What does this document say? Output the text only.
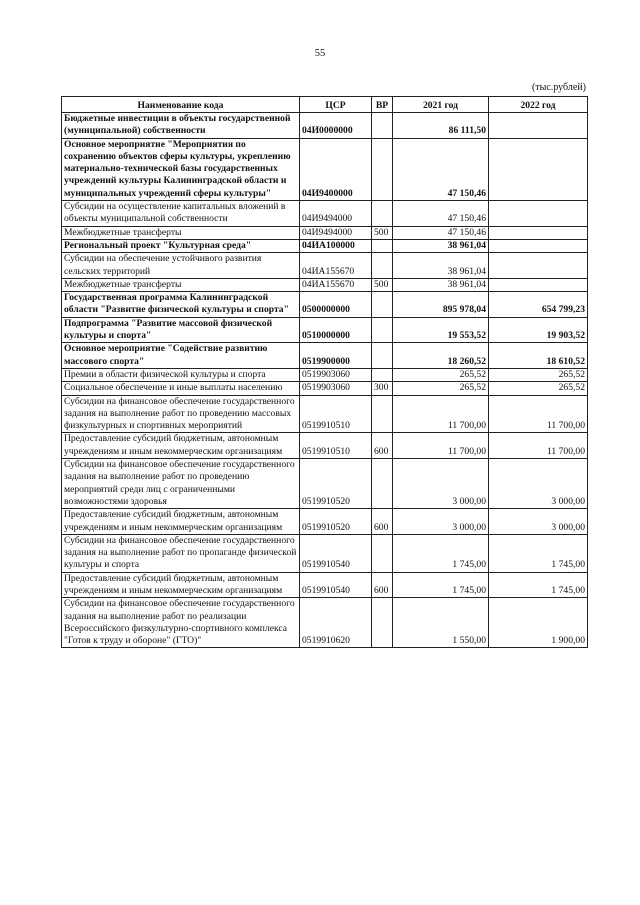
55
(тыс.рублей)
Наименование кода	ЦСР	ВР	2021 год	2022 год
Бюджетные инвестиции в объекты государственной (муниципальной) собственности	04И0000000		86 111,50	
Основное мероприятие "Мероприятия по сохранению объектов сферы культуры, укреплению материально-технической базы государственных учреждений культуры Калининградской области и муниципальных учреждений сферы культуры"	04И9400000		47 150,46	
Субсидии на осуществление капитальных вложений в объекты муниципальной собственности	04И9494000		47 150,46	
Межбюджетные трансферты	04И9494000	500	47 150,46	
Региональный проект "Культурная среда"	04ИА100000		38 961,04	
Субсидии на обеспечение устойчивого развития сельских территорий	04ИА155670		38 961,04	
Межбюджетные трансферты	04ИА155670	500	38 961,04	
Государственная программа Калининградской области "Развитие физической культуры и спорта"	0500000000		895 978,04	654 799,23
Подпрограмма "Развитие массовой физической культуры и спорта"	0510000000		19 553,52	19 903,52
Основное мероприятие "Содействие развитию массового спорта"	0519900000		18 260,52	18 610,52
Премии в области физической культуры и спорта	0519903060		265,52	265,52
Социальное обеспечение и иные выплаты населению	0519903060	300	265,52	265,52
Субсидии на финансовое обеспечение государственного задания на выполнение работ по проведению массовых физкультурных и спортивных мероприятий	0519910510		11 700,00	11 700,00
Предоставление субсидий бюджетным, автономным учреждениям и иным некоммерческим организациям	0519910510	600	11 700,00	11 700,00
Субсидии на финансовое обеспечение государственного задания на выполнение работ по проведению мероприятий среди лиц с ограниченными возможностями здоровья	0519910520		3 000,00	3 000,00
Предоставление субсидий бюджетным, автономным учреждениям и иным некоммерческим организациям	0519910520	600	3 000,00	3 000,00
Субсидии на финансовое обеспечение государственного задания на выполнение работ по пропаганде физической культуры и спорта	0519910540		1 745,00	1 745,00
Предоставление субсидий бюджетным, автономным учреждениям и иным некоммерческим организациям	0519910540	600	1 745,00	1 745,00
Субсидии на финансовое обеспечение государственного задания на выполнение работ по реализации Всероссийского физкультурно-спортивного комплекса "Готов к труду и обороне" (ГТО)"	0519910620		1 550,00	1 900,00
